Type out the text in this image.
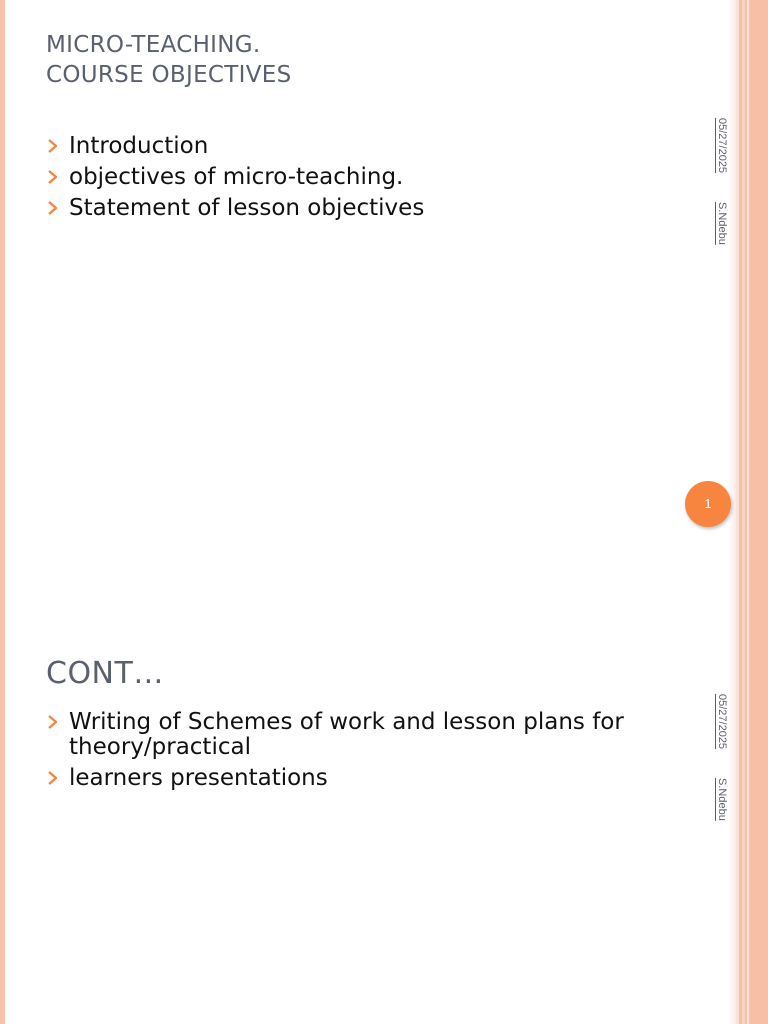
MICRO-TEACHING.
COURSE OBJECTIVES
Introduction
objectives of micro-teaching.
Statement of lesson objectives
05/27/2025
S.Ndebu
1
CONT…
Writing of Schemes of work and lesson plans for theory/practical
learners presentations
05/27/2025
S.Ndebu
